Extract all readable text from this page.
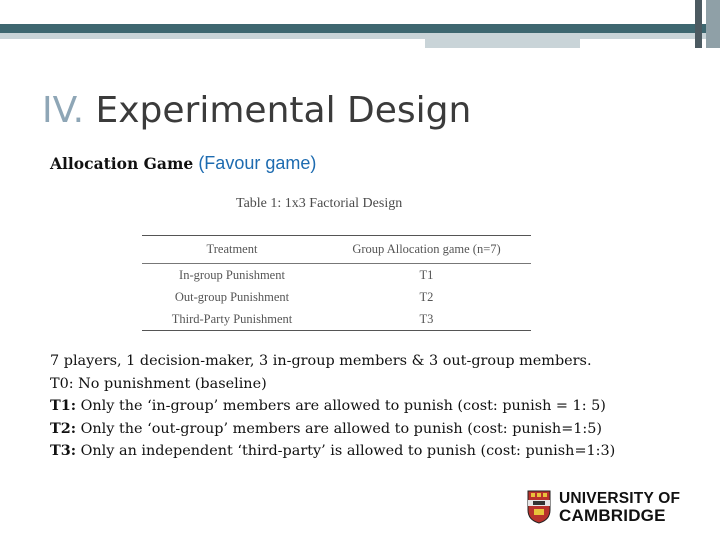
IV. Experimental Design
Allocation Game (Favour game)
Table 1: 1x3 Factorial Design
Treatment	Group Allocation game (n=7)
In-group Punishment	T1
Out-group Punishment	T2
Third-Party Punishment	T3
7 players, 1 decision-maker, 3 in-group members & 3 out-group members.
T0: No punishment (baseline)
T1: Only the ‘in-group’ members are allowed to punish (cost: punish = 1: 5)
T2: Only the ‘out-group’ members are allowed to punish (cost: punish=1:5)
T3: Only an independent ‘third-party’ is allowed to punish (cost: punish=1:3)
UNIVERSITY OF
CAMBRIDGE
